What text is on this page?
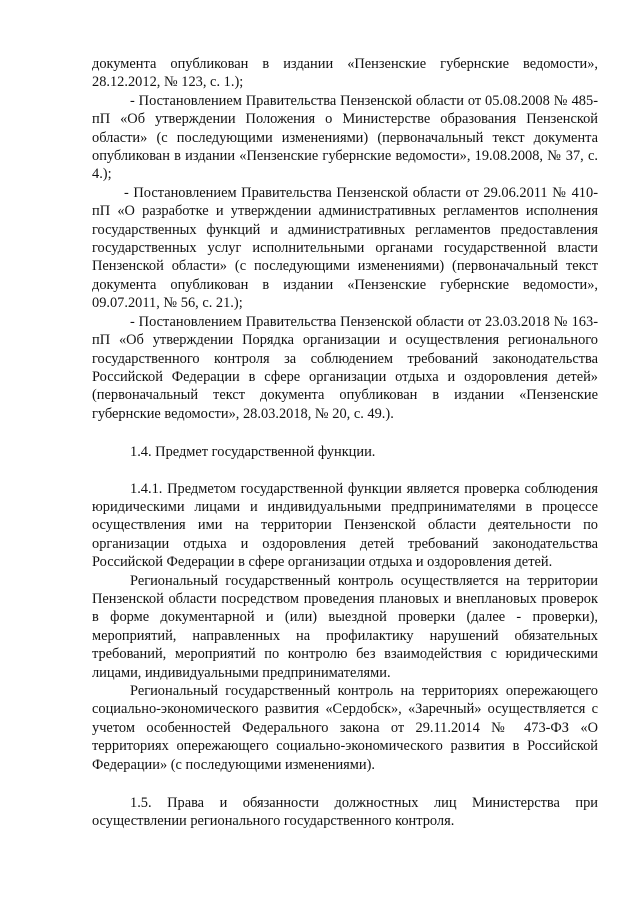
документа опубликован в издании «Пензенские губернские ведомости», 28.12.2012, № 123, с. 1.);

- Постановлением Правительства Пензенской области от 05.08.2008 № 485-пП «Об утверждении Положения о Министерстве образования Пензенской области» (с последующими изменениями) (первоначальный текст документа опубликован в издании «Пензенские губернские ведомости», 19.08.2008, № 37, с. 4.);

- Постановлением Правительства Пензенской области от 29.06.2011 № 410-пП «О разработке и утверждении административных регламентов исполнения государственных функций и административных регламентов предоставления государственных услуг исполнительными органами государственной власти Пензенской области» (с последующими изменениями) (первоначальный текст документа опубликован в издании «Пензенские губернские ведомости», 09.07.2011, № 56, с. 21.);

- Постановлением Правительства Пензенской области от 23.03.2018 № 163-пП «Об утверждении Порядка организации и осуществления регионального государственного контроля за соблюдением требований законодательства Российской Федерации в сфере организации отдыха и оздоровления детей» (первоначальный текст документа опубликован в издании «Пензенские губернские ведомости», 28.03.2018, № 20, с. 49.).

1.4. Предмет государственной функции.

1.4.1. Предметом государственной функции является проверка соблюдения юридическими лицами и индивидуальными предпринимателями в процессе осуществления ими на территории Пензенской области деятельности по организации отдыха и оздоровления детей требований законодательства Российской Федерации в сфере организации отдыха и оздоровления детей.

Региональный государственный контроль осуществляется на территории Пензенской области посредством проведения плановых и внеплановых проверок в форме документарной и (или) выездной проверки (далее - проверки), мероприятий, направленных на профилактику нарушений обязательных требований, мероприятий по контролю без взаимодействия с юридическими лицами, индивидуальными предпринимателями.

Региональный государственный контроль на территориях опережающего социально-экономического развития «Сердобск», «Заречный» осуществляется с учетом особенностей Федерального закона от 29.11.2014 № 473-ФЗ «О территориях опережающего социально-экономического развития в Российской Федерации» (с последующими изменениями).

1.5. Права и обязанности должностных лиц Министерства при осуществлении регионального государственного контроля.
